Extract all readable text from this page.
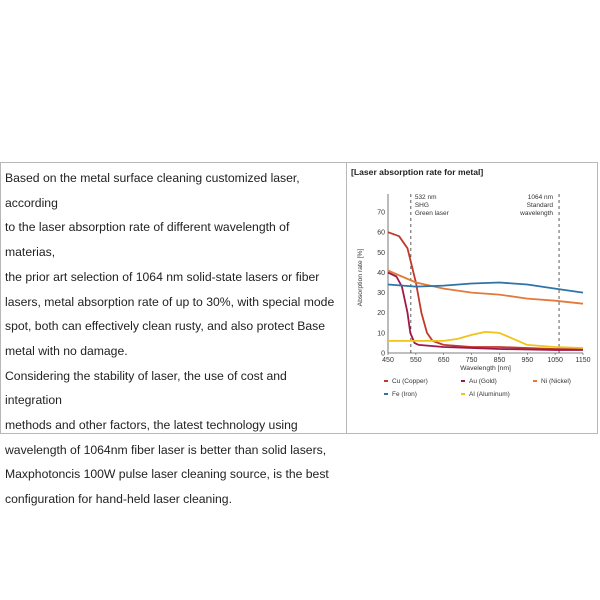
Based on the metal surface cleaning customized laser, according

to the laser absorption rate of different wavelength of materias,

the prior art selection of 1064 nm solid-state lasers or fiber

lasers, metal absorption rate of up to 30%, with special mode

spot, both can effectively clean rusty, and also protect Base

metal with no damage.

Considering the stability of laser, the use of cost and integration

methods and other factors, the latest technology using

wavelength of 1064nm fiber laser is better than solid lasers,

Maxphotoncis 100W pulse laser cleaning source, is the best

configuration for hand-held laser cleaning.

[Laser absorption rate for metal]
0
10
20
30
40
50
60
70
450 550 650 750 850 950 1050 1150
Wavelength [nm]
Absorption rate [%]
532 nm
SHG
Green laser
1064 nm
Standard
wavelength
Cu (Copper)	Au (Gold)	Ni (Nickel)
Fe (Iron)	Al (Aluminum)
